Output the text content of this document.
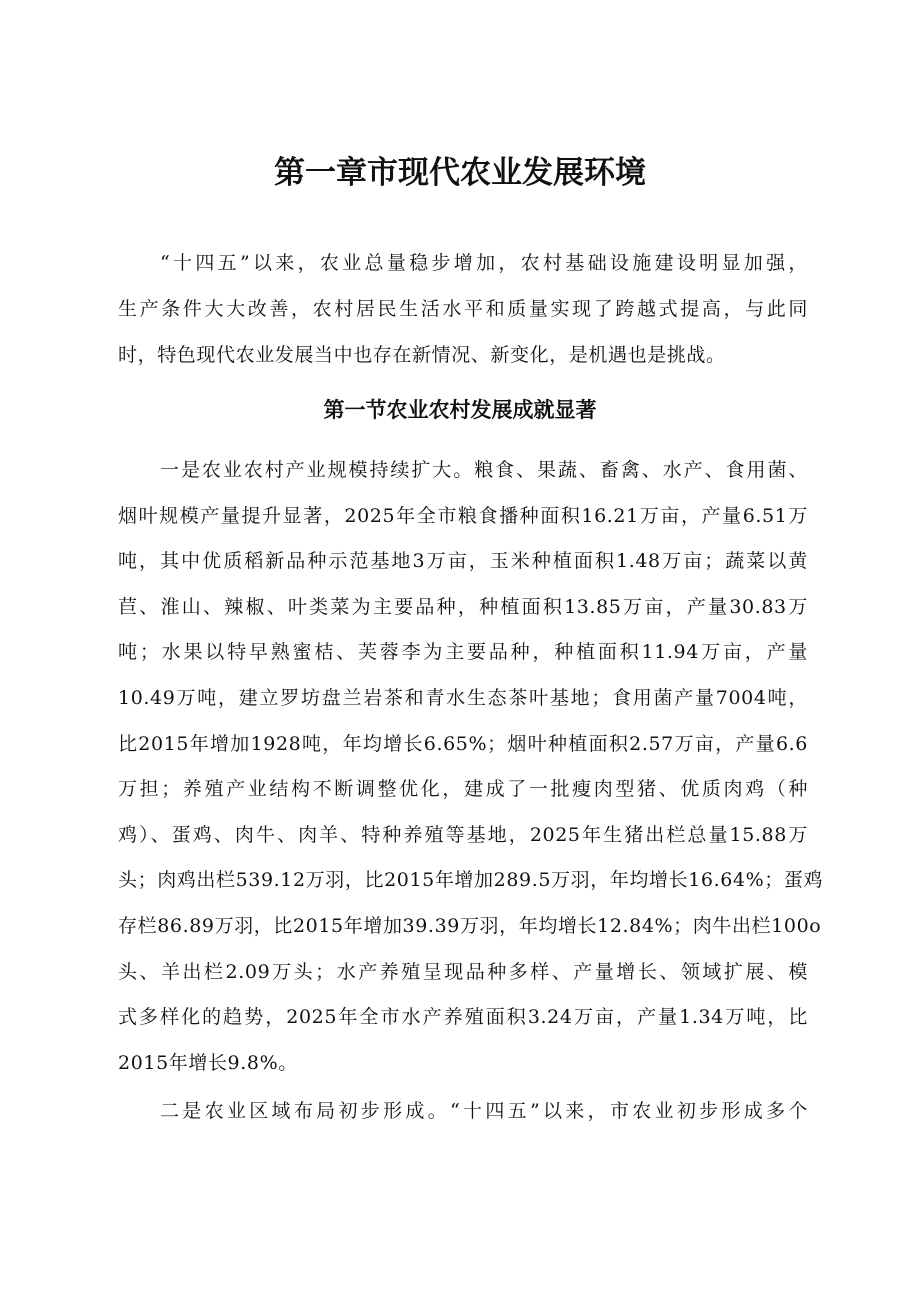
第一章市现代农业发展环境
“十四五”以来，农业总量稳步增加，农村基础设施建设明显加强，
生产条件大大改善，农村居民生活水平和质量实现了跨越式提高，与此同
时，特色现代农业发展当中也存在新情况、新变化，是机遇也是挑战。
第一节农业农村发展成就显著
一是农业农村产业规模持续扩大。粮食、果蔬、畜禽、水产、食用菌、
烟叶规模产量提升显著，2025年全市粮食播种面积16.21万亩，产量6.51万
吨，其中优质稻新品种示范基地3万亩，玉米种植面积1.48万亩；蔬菜以黄
苣、淮山、辣椒、叶类菜为主要品种，种植面积13.85万亩，产量30.83万
吨；水果以特早熟蜜桔、芙蓉李为主要品种，种植面积11.94万亩，产量
10.49万吨，建立罗坊盘兰岩茶和青水生态茶叶基地；食用菌产量7004吨，
比2015年增加1928吨，年均增长6.65%；烟叶种植面积2.57万亩，产量6.6
万担；养殖产业结构不断调整优化，建成了一批瘦肉型猪、优质肉鸡（种
鸡）、蛋鸡、肉牛、肉羊、特种养殖等基地，2025年生猪出栏总量15.88万
头；肉鸡出栏539.12万羽，比2015年增加289.5万羽，年均增长16.64%；蛋鸡
存栏86.89万羽，比2015年增加39.39万羽，年均增长12.84%；肉牛出栏100o
头、羊出栏2.09万头；水产养殖呈现品种多样、产量增长、领域扩展、模
式多样化的趋势，2025年全市水产养殖面积3.24万亩，产量1.34万吨，比
2015年增长9.8%。
二是农业区域布局初步形成。“十四五”以来，市农业初步形成多个
